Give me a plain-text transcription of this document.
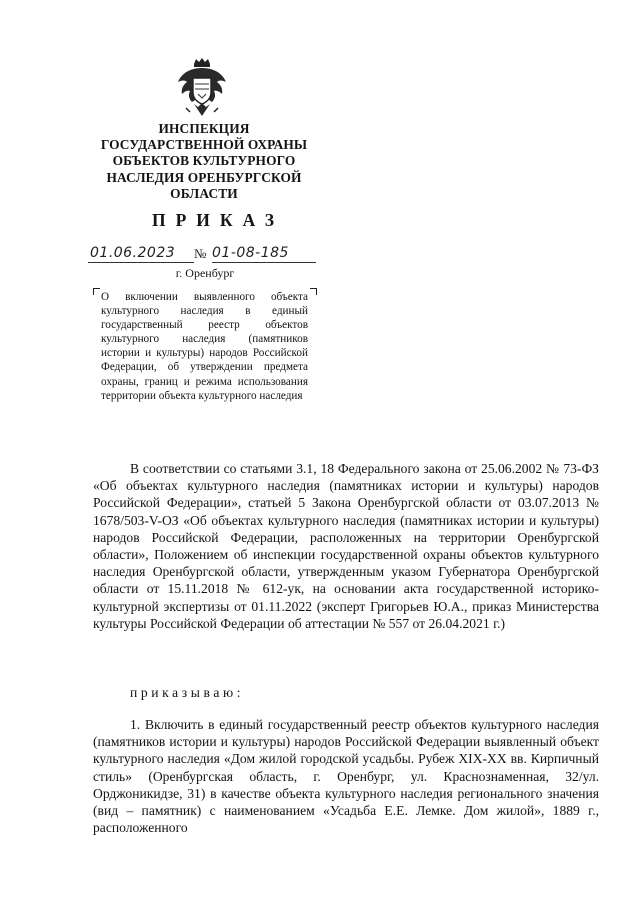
ИНСПЕКЦИЯ
ГОСУДАРСТВЕННОЙ ОХРАНЫ
ОБЪЕКТОВ КУЛЬТУРНОГО
НАСЛЕДИЯ ОРЕНБУРГСКОЙ
ОБЛАСТИ
ПРИКАЗ
01.06.2023	№ 01-08-185
г. Оренбург
О включении выявленного объекта культурного наследия в единый государственный реестр объектов культурного наследия (памятников истории и культуры) народов Российской Федерации, об утверждении предмета охраны, границ и режима использования территории объекта культурного наследия
В соответствии со статьями 3.1, 18 Федерального закона от 25.06.2002 № 73-ФЗ «Об объектах культурного наследия (памятниках истории и культуры) народов Российской Федерации», статьей 5 Закона Оренбургской области от 03.07.2013 № 1678/503-V-ОЗ «Об объектах культурного наследия (памятниках истории и культуры) народов Российской Федерации, расположенных на территории Оренбургской области», Положением об инспекции государственной охраны объектов культурного наследия Оренбургской области, утвержденным указом Губернатора Оренбургской области от 15.11.2018 № 612-ук, на основании акта государственной историко-культурной экспертизы от 01.11.2022 (эксперт Григорьев Ю.А., приказ Министерства культуры Российской Федерации об аттестации № 557 от 26.04.2021 г.)
приказываю:
1. Включить в единый государственный реестр объектов культурного наследия (памятников истории и культуры) народов Российской Федерации выявленный объект культурного наследия «Дом жилой городской усадьбы. Рубеж XIX-XX вв. Кирпичный стиль» (Оренбургская область, г. Оренбург, ул. Краснознаменная, 32/ул. Орджоникидзе, 31) в качестве объекта культурного наследия регионального значения (вид – памятник) с наименованием «Усадьба Е.Е. Лемке. Дом жилой», 1889 г., расположенного
